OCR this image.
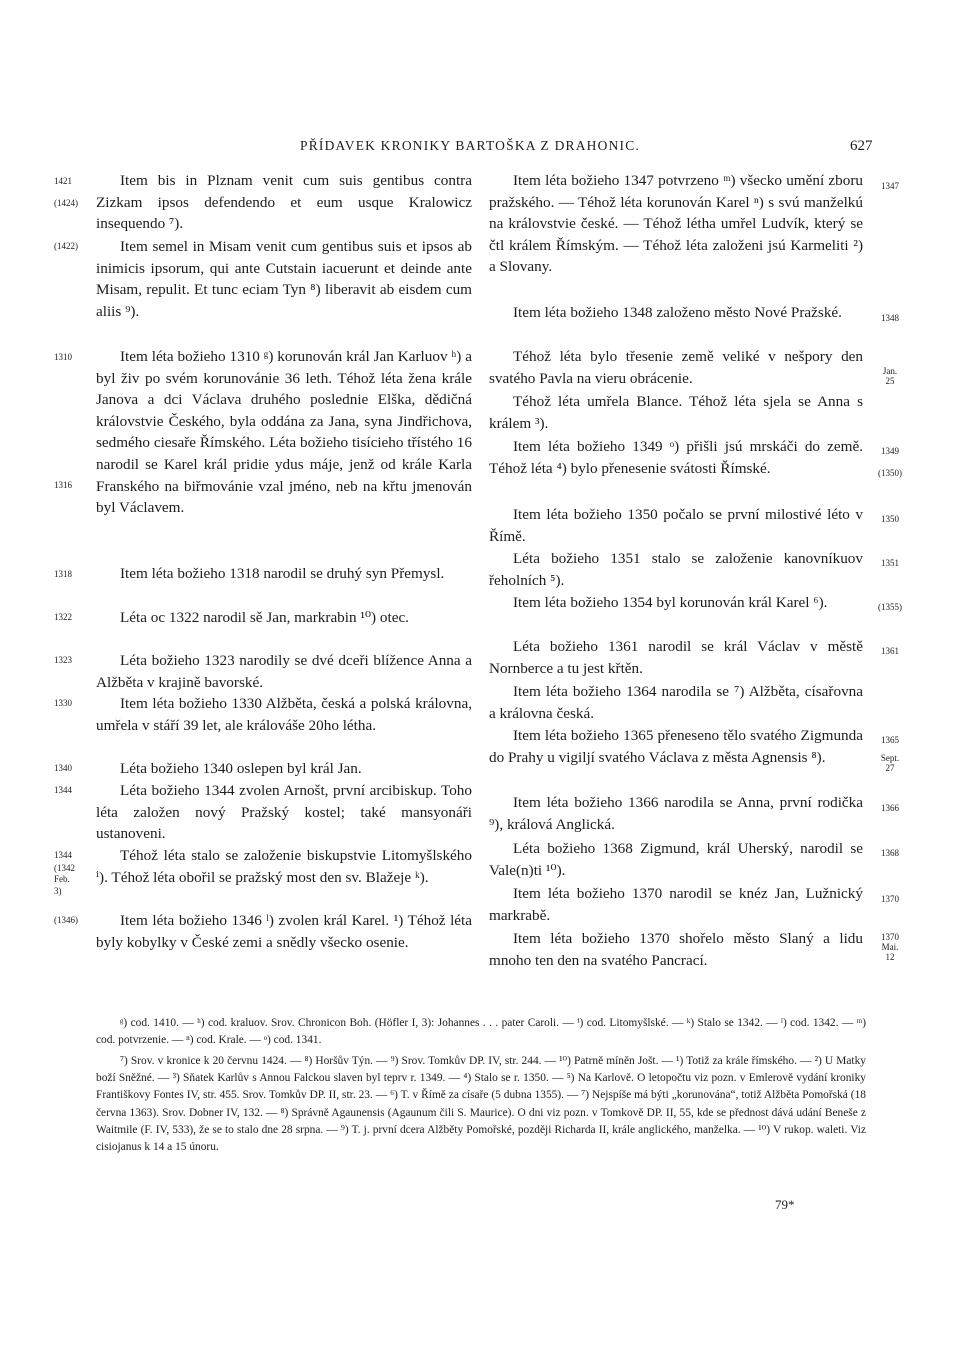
PŘÍDAVEK KRONIKY BARTOŠKA Z DRAHONIC.	627

Item bis in Plznam venit cum suis gentibus contra Zizkam ipsos defendendo et eum usque Kralowicz insequendo ⁷).

Item semel in Misam venit cum gentibus suis et ipsos ab inimicis ipsorum, qui ante Cutstain iacuerunt et deinde ante Misam, repulit. Et tunc eciam Tyn ⁸) liberavit ab eisdem cum aliis ⁹).

Item léta božieho 1310 ᵍ) korunován král Jan Karluov ʰ) a byl živ po svém korunovánie 36 leth. Téhož léta žena krále Janova a dci Václava druhého poslednie Elška, dědičná královstvie Českého, byla oddána za Jana, syna Jindřichova, sedmého ciesaře Římského. Léta božieho tisícieho třístého 16 narodil se Karel král pridie ydus máje, jenž od krále Karla Franského na biřmovánie vzal jméno, neb na křtu jmenován byl Václavem.

Item léta božieho 1318 narodil se druhý syn Přemysl.

Léta oc 1322 narodil sě Jan, markrabin ¹⁰) otec.

Léta božieho 1323 narodily se dvé dceři blížence Anna a Alžběta v krajině bavorské.

Item léta božieho 1330 Alžběta, česká a polská královna, umřela v stáří 39 let, ale králováše 20ho létha.

Léta božieho 1340 oslepen byl král Jan.

Léta božieho 1344 zvolen Arnošt, první arcibiskup. Toho léta založen nový Pražský kostel; také mansyonáři ustanoveni.

Téhož léta stalo se založenie biskupstvie Litomyšlského ⁱ). Téhož léta obořil se pražský most den sv. Blažeje ᵏ).

Item léta božieho 1346 ˡ) zvolen král Karel. ¹) Téhož léta byly kobylky v České zemi a snědly všecko osenie.

1421
(1424)
(1422)
1310
1316
1318
1322
1323
1330
1340
1344
1344
(1342
Feb.
3)
(1346)

Item léta božieho 1347 potvrzeno ᵐ) všecko umění zboru pražského. — Téhož léta korunován Karel ⁿ) s svú manželkú na královstvie české. — Téhož létha umřel Ludvík, který se čtl králem Římským. — Téhož léta založeni jsú Karmeliti ²) a Slovany.

Item léta božieho 1348 založeno město Nové Pražské.

Téhož léta bylo třesenie země veliké v nešpory den svatého Pavla na vieru obrácenie.

Téhož léta umřela Blance. Téhož léta sjela se Anna s králem ³).

Item léta božieho 1349 ᵒ) přišli jsú mrskáči do země. Téhož léta ⁴) bylo přenesenie svátosti Římské.

Item léta božieho 1350 počalo se první milostivé léto v Římě.

Léta božieho 1351 stalo se založenie kanovníkuov řeholních ⁵).

Item léta božieho 1354 byl korunován král Karel ⁶).

Léta božieho 1361 narodil se král Václav v městě Nornberce a tu jest křtěn.

Item léta božieho 1364 narodila se ⁷) Alžběta, císařovna a královna česká.

Item léta božieho 1365 přeneseno tělo svatého Zigmunda do Prahy u vigiljí svatého Václava z města Agnensis ⁸).

Item léta božieho 1366 narodila se Anna, první rodička ⁹), králová Anglická.

Léta božieho 1368 Zigmund, král Uherský, narodil se Vale(n)ti ¹⁰).

Item léta božieho 1370 narodil se knéz Jan, Lužnický markrabě.

Item léta božieho 1370 shořelo město Slaný a lidu mnoho ten den na svatého Pancrací.

1347
1348
Jan.
25
1349
(1350)
1350
1351
(1355)
1361
1365
Sept.
27
1366
1368
1370
1370
Mai.
12

ᵍ) cod. 1410. — ʰ) cod. kraluov. Srov. Chronicon Boh. (Höfler I, 3): Johannes . . . pater Caroli. — ⁱ) cod. Litomyšlské. — ᵏ) Stalo se 1342. — ˡ) cod. 1342. — ᵐ) cod. potvrzenie. — ⁿ) cod. Krale. — ᵒ) cod. 1341.

⁷) Srov. v kronice k 20 červnu 1424. — ⁸) Horšův Týn. — ⁹) Srov. Tomkův DP. IV, str. 244. — ¹⁰) Patrně míněn Jošt. — ¹) Totiž za krále římského. — ²) U Matky boží Sněžné. — ³) Sňatek Karlův s Annou Falckou slaven byl teprv r. 1349. — ⁴) Stalo se r. 1350. — ⁵) Na Karlově. O letopočtu viz pozn. v Emlerově vydání kroniky Františkovy Fontes IV, str. 455. Srov. Tomkův DP. II, str. 23. — ⁶) T. v Římě za císaře (5 dubna 1355). — ⁷) Nejspíše má býti „korunována“, totiž Alžběta Pomořská (18 června 1363). Srov. Dobner IV, 132. — ⁸) Správně Agaunensis (Agaunum čili S. Maurice). O dni viz pozn. v Tomkově DP. II, 55, kde se přednost dává udání Beneše z Waitmile (F. IV, 533), že se to stalo dne 28 srpna. — ⁹) T. j. první dcera Alžběty Pomořské, později Richarda II, krále anglického, manželka. — ¹⁰) V rukop. waleti. Viz cisiojanus k 14 a 15 únoru.

79*
